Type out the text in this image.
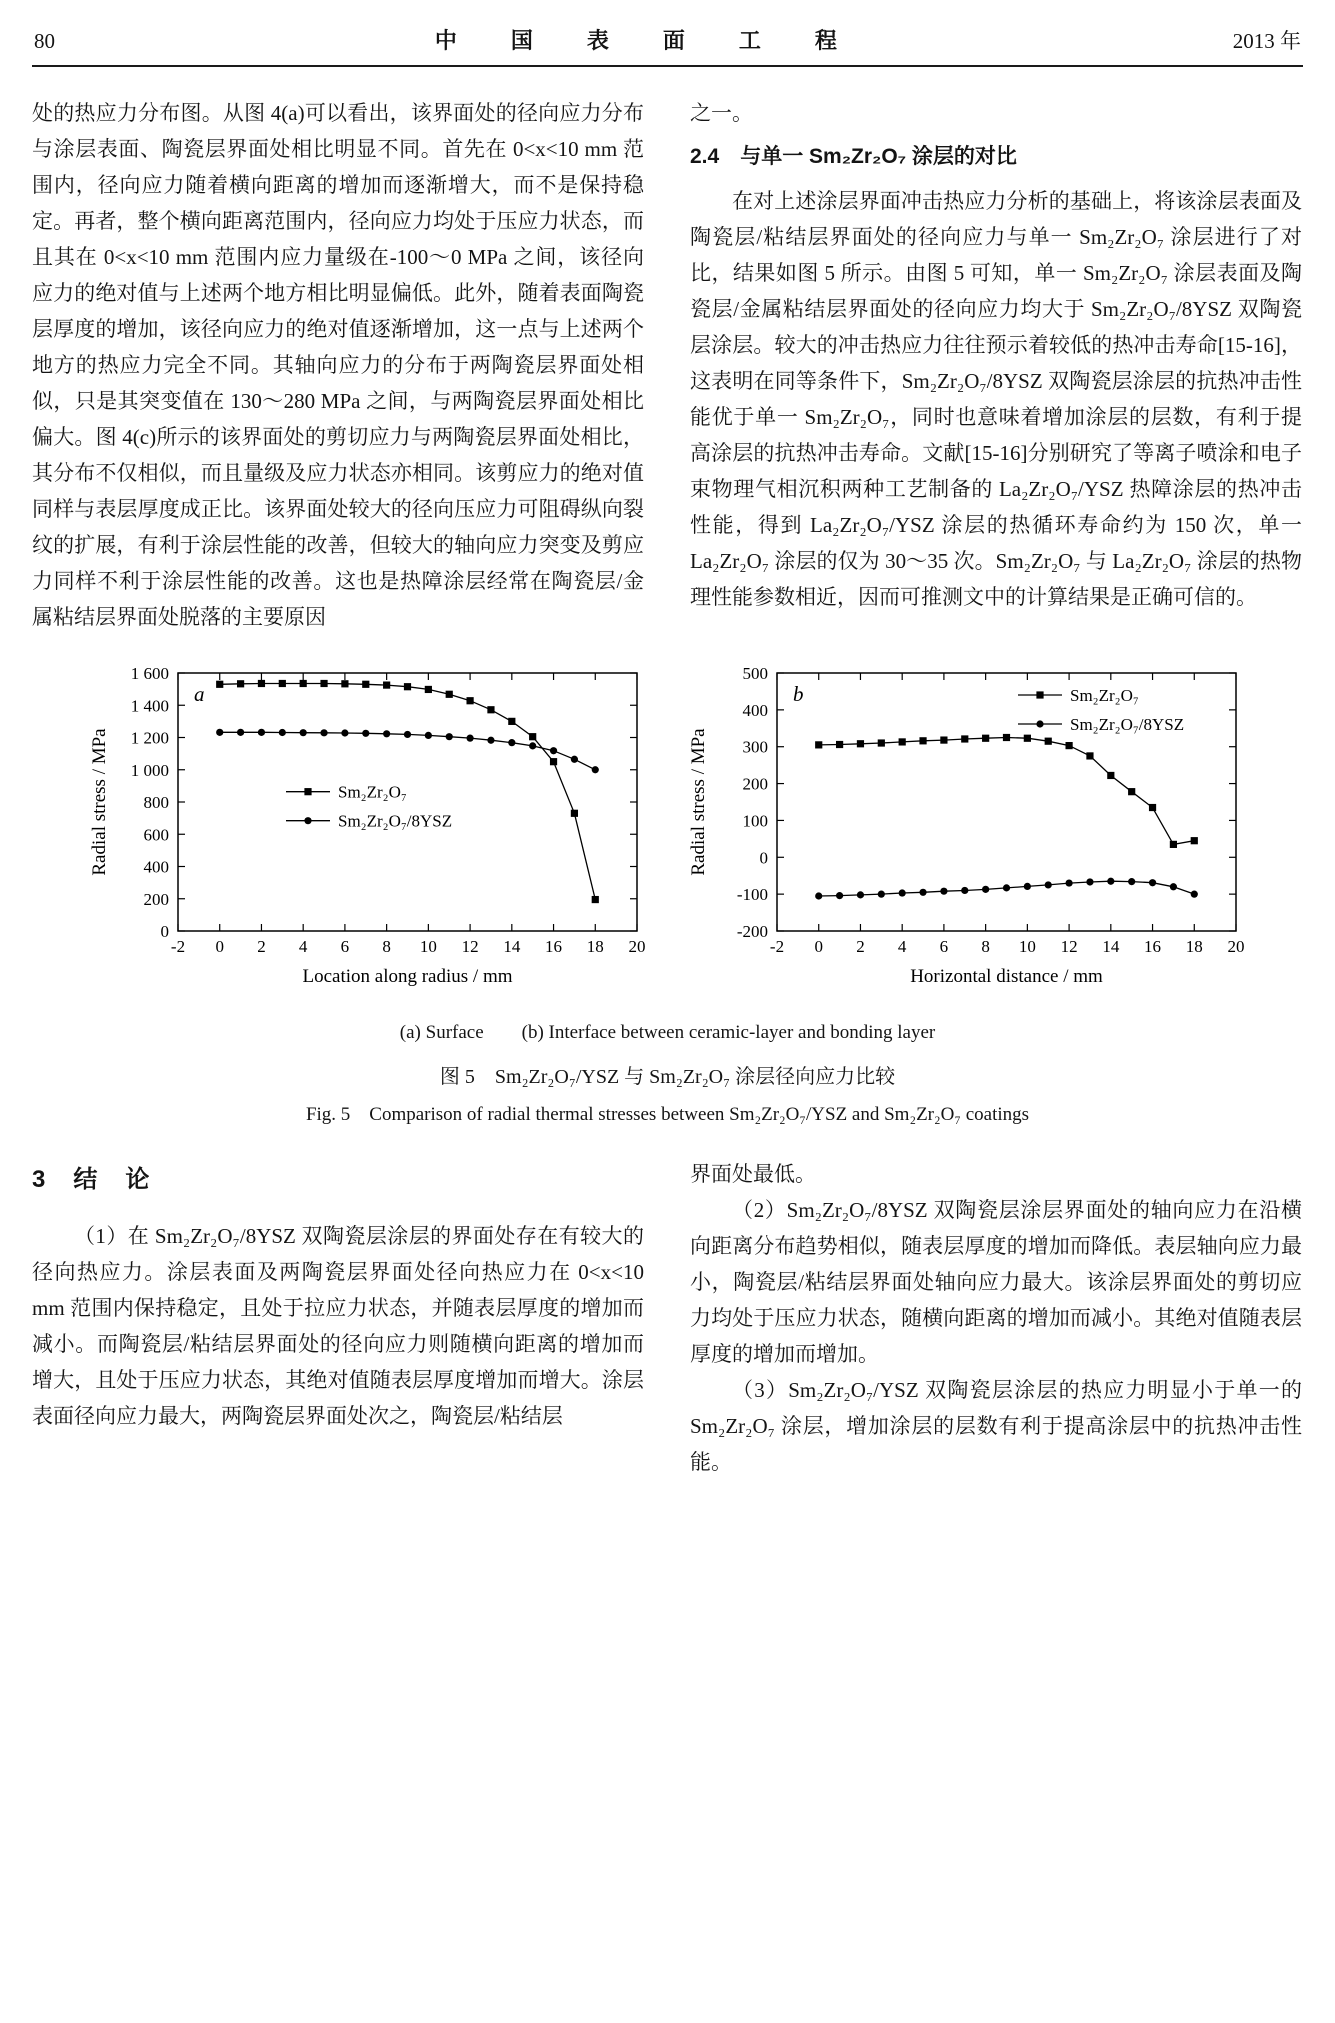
80	中　国　表　面　工　程	2013 年

处的热应力分布图。从图 4(a)可以看出，该界面处的径向应力分布与涂层表面、陶瓷层界面处相比明显不同。首先在 0<x<10 mm 范围内，径向应力随着横向距离的增加而逐渐增大，而不是保持稳定。再者，整个横向距离范围内，径向应力均处于压应力状态，而且其在 0<x<10 mm 范围内应力量级在-100～0 MPa 之间，该径向应力的绝对值与上述两个地方相比明显偏低。此外，随着表面陶瓷层厚度的增加，该径向应力的绝对值逐渐增加，这一点与上述两个地方的热应力完全不同。其轴向应力的分布于两陶瓷层界面处相似，只是其突变值在 130～280 MPa 之间，与两陶瓷层界面处相比偏大。图 4(c)所示的该界面处的剪切应力与两陶瓷层界面处相比，其分布不仅相似，而且量级及应力状态亦相同。该剪应力的绝对值同样与表层厚度成正比。该界面处较大的径向压应力可阻碍纵向裂纹的扩展，有利于涂层性能的改善，但较大的轴向应力突变及剪应力同样不利于涂层性能的改善。这也是热障涂层经常在陶瓷层/金属粘结层界面处脱落的主要原因

之一。

2.4　与单一 Sm₂Zr₂O₇ 涂层的对比

在对上述涂层界面冲击热应力分析的基础上，将该涂层表面及陶瓷层/粘结层界面处的径向应力与单一 Sm₂Zr₂O₇ 涂层进行了对比，结果如图 5 所示。由图 5 可知，单一 Sm₂Zr₂O₇ 涂层表面及陶瓷层/金属粘结层界面处的径向应力均大于 Sm₂Zr₂O₇/8YSZ 双陶瓷层涂层。较大的冲击热应力往往预示着较低的热冲击寿命[15-16]，这表明在同等条件下，Sm₂Zr₂O₇/8YSZ 双陶瓷层涂层的抗热冲击性能优于单一 Sm₂Zr₂O₇，同时也意味着增加涂层的层数，有利于提高涂层的抗热冲击寿命。文献[15-16]分别研究了等离子喷涂和电子束物理气相沉积两种工艺制备的 La₂Zr₂O₇/YSZ 热障涂层的热冲击性能，得到 La₂Zr₂O₇/YSZ 涂层的热循环寿命约为 150 次，单一 La₂Zr₂O₇ 涂层的仅为 30～35 次。Sm₂Zr₂O₇ 与 La₂Zr₂O₇ 涂层的热物理性能参数相近，因而可推测文中的计算结果是正确可信的。

-2 0 2 4 6 8 10 12 14 16 18 20
0
200
400
600
800
1 000
1 200
1 400
1 600
a
Sm₂Zr₂O₇
Sm₂Zr₂O₇/8YSZ
Location along radius / mm
Radial stress / MPa
-2 0 2 4 6 8 10 12 14 16 18 20
-200
-100
0
100
200
300
400
500
b	Sm₂Zr₂O₇
Sm₂Zr₂O₇/8YSZ
Horizontal distance / mm
Radial stress / MPa
(a) Surface　　(b) Interface between ceramic-layer and bonding layer
图 5　Sm₂Zr₂O₇/YSZ 与 Sm₂Zr₂O₇ 涂层径向应力比较
Fig. 5　Comparison of radial thermal stresses between Sm₂Zr₂O₇/YSZ and Sm₂Zr₂O₇ coatings
3　结　论

（1）在 Sm₂Zr₂O₇/8YSZ 双陶瓷层涂层的界面处存在有较大的径向热应力。涂层表面及两陶瓷层界面处径向热应力在 0<x<10 mm 范围内保持稳定，且处于拉应力状态，并随表层厚度的增加而减小。而陶瓷层/粘结层界面处的径向应力则随横向距离的增加而增大，且处于压应力状态，其绝对值随表层厚度增加而增大。涂层表面径向应力最大，两陶瓷层界面处次之，陶瓷层/粘结层

界面处最低。

（2）Sm₂Zr₂O₇/8YSZ 双陶瓷层涂层界面处的轴向应力在沿横向距离分布趋势相似，随表层厚度的增加而降低。表层轴向应力最小，陶瓷层/粘结层界面处轴向应力最大。该涂层界面处的剪切应力均处于压应力状态，随横向距离的增加而减小。其绝对值随表层厚度的增加而增加。

（3）Sm₂Zr₂O₇/YSZ 双陶瓷层涂层的热应力明显小于单一的 Sm₂Zr₂O₇ 涂层，增加涂层的层数有利于提高涂层中的抗热冲击性能。
